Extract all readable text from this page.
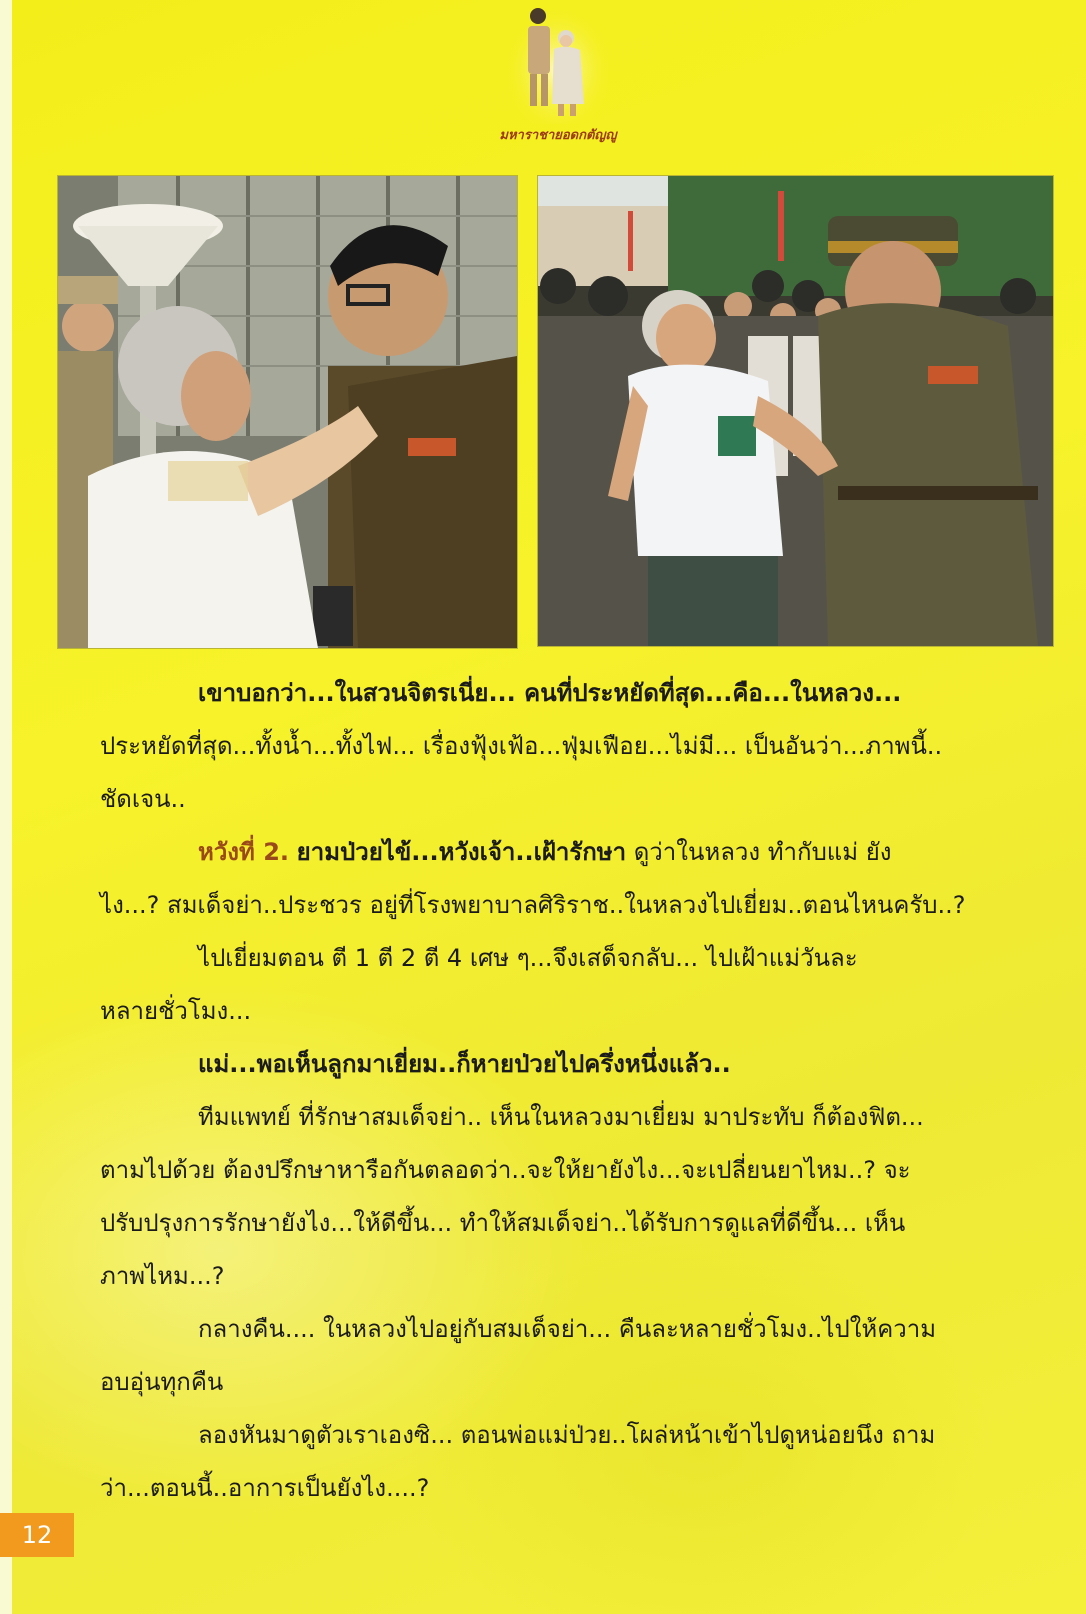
มหาราชายอดกตัญญู

เขาบอกว่า...ในสวนจิตรเนี่ย... คนที่ประหยัดที่สุด...คือ...ในหลวง...

ประหยัดที่สุด...ทั้งน้ำ...ทั้งไฟ... เรื่องฟุ้งเฟ้อ...ฟุ่มเฟือย...ไม่มี... เป็นอันว่า...ภาพนี้..

ชัดเจน..

หวังที่ 2. ยามป่วยไข้...หวังเจ้า..เฝ้ารักษา ดูว่าในหลวง ทำกับแม่ ยัง

ไง...? สมเด็จย่า..ประชวร อยู่ที่โรงพยาบาลศิริราช..ในหลวงไปเยี่ยม..ตอนไหนครับ..?

ไปเยี่ยมตอน ตี 1 ตี 2 ตี 4 เศษ ๆ...จึงเสด็จกลับ... ไปเฝ้าแม่วันละ

หลายชั่วโมง...

แม่...พอเห็นลูกมาเยี่ยม..ก็หายป่วยไปครึ่งหนึ่งแล้ว..

ทีมแพทย์ ที่รักษาสมเด็จย่า.. เห็นในหลวงมาเยี่ยม มาประทับ ก็ต้องฟิต...

ตามไปด้วย ต้องปรึกษาหารือกันตลอดว่า..จะให้ยายังไง...จะเปลี่ยนยาไหม..? จะ

ปรับปรุงการรักษายังไง...ให้ดีขึ้น... ทำให้สมเด็จย่า..ได้รับการดูแลที่ดีขึ้น... เห็น

ภาพไหม...?

กลางคืน.... ในหลวงไปอยู่กับสมเด็จย่า... คืนละหลายชั่วโมง..ไปให้ความ

อบอุ่นทุกคืน

ลองหันมาดูตัวเราเองซิ... ตอนพ่อแม่ป่วย..โผล่หน้าเข้าไปดูหน่อยนึง ถาม

ว่า...ตอนนี้..อาการเป็นยังไง....?

12
